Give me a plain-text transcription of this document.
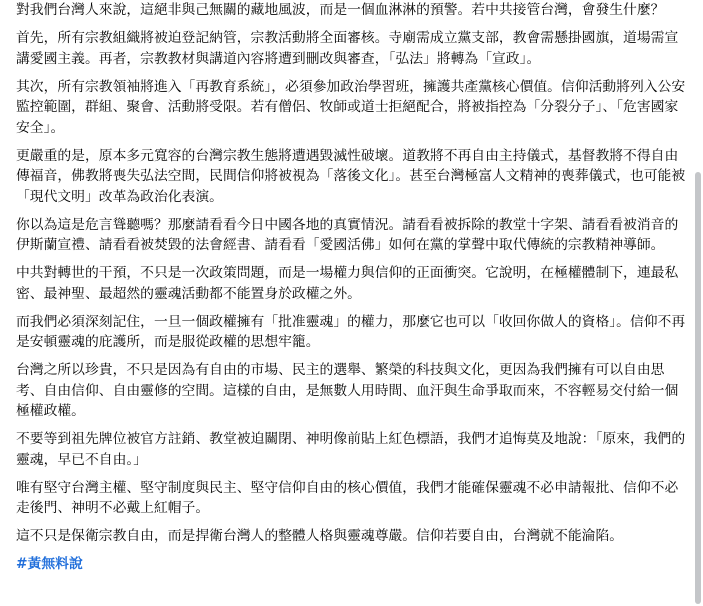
對我們台灣人來說，這絕非與己無關的藏地風波，而是一個血淋淋的預警。若中共接管台灣，會發生什麼？

首先，所有宗教組織將被迫登記納管，宗教活動將全面審核。寺廟需成立黨支部，教會需懸掛國旗，道場需宣講愛國主義。再者，宗教教材與講道內容將遭到刪改與審查，「弘法」將轉為「宣政」。

其次，所有宗教領袖將進入「再教育系統」，必須參加政治學習班，擁護共產黨核心價值。信仰活動將列入公安監控範圍，群組、聚會、活動將受限。若有僧侶、牧師或道士拒絕配合，將被指控為「分裂分子」、「危害國家安全」。

更嚴重的是，原本多元寬容的台灣宗教生態將遭遇毀滅性破壞。道教將不再自由主持儀式，基督教將不得自由傳福音，佛教將喪失弘法空間，民間信仰將被視為「落後文化」。甚至台灣極富人文精神的喪葬儀式，也可能被「現代文明」改革為政治化表演。

你以為這是危言聳聽嗎？那麼請看看今日中國各地的真實情況。請看看被拆除的教堂十字架、請看看被消音的伊斯蘭宣禮、請看看被焚毀的法會經書、請看看「愛國活佛」如何在黨的掌聲中取代傳統的宗教精神導師。

中共對轉世的干預，不只是一次政策問題，而是一場權力與信仰的正面衝突。它說明，在極權體制下，連最私密、最神聖、最超然的靈魂活動都不能置身於政權之外。

而我們必須深刻記住，一旦一個政權擁有「批准靈魂」的權力，那麼它也可以「收回你做人的資格」。信仰不再是安頓靈魂的庇護所，而是服從政權的思想牢籠。

台灣之所以珍貴，不只是因為有自由的市場、民主的選舉、繁榮的科技與文化，更因為我們擁有可以自由思考、自由信仰、自由靈修的空間。這樣的自由，是無數人用時間、血汗與生命爭取而來，不容輕易交付給一個極權政權。

不要等到祖先牌位被官方註銷、教堂被迫關閉、神明像前貼上紅色標語，我們才追悔莫及地說：「原來，我們的靈魂，早已不自由。」

唯有堅守台灣主權、堅守制度與民主、堅守信仰自由的核心價值，我們才能確保靈魂不必申請報批、信仰不必走後門、神明不必戴上紅帽子。

這不只是保衛宗教自由，而是捍衛台灣人的整體人格與靈魂尊嚴。信仰若要自由，台灣就不能淪陷。

#黃無料說
